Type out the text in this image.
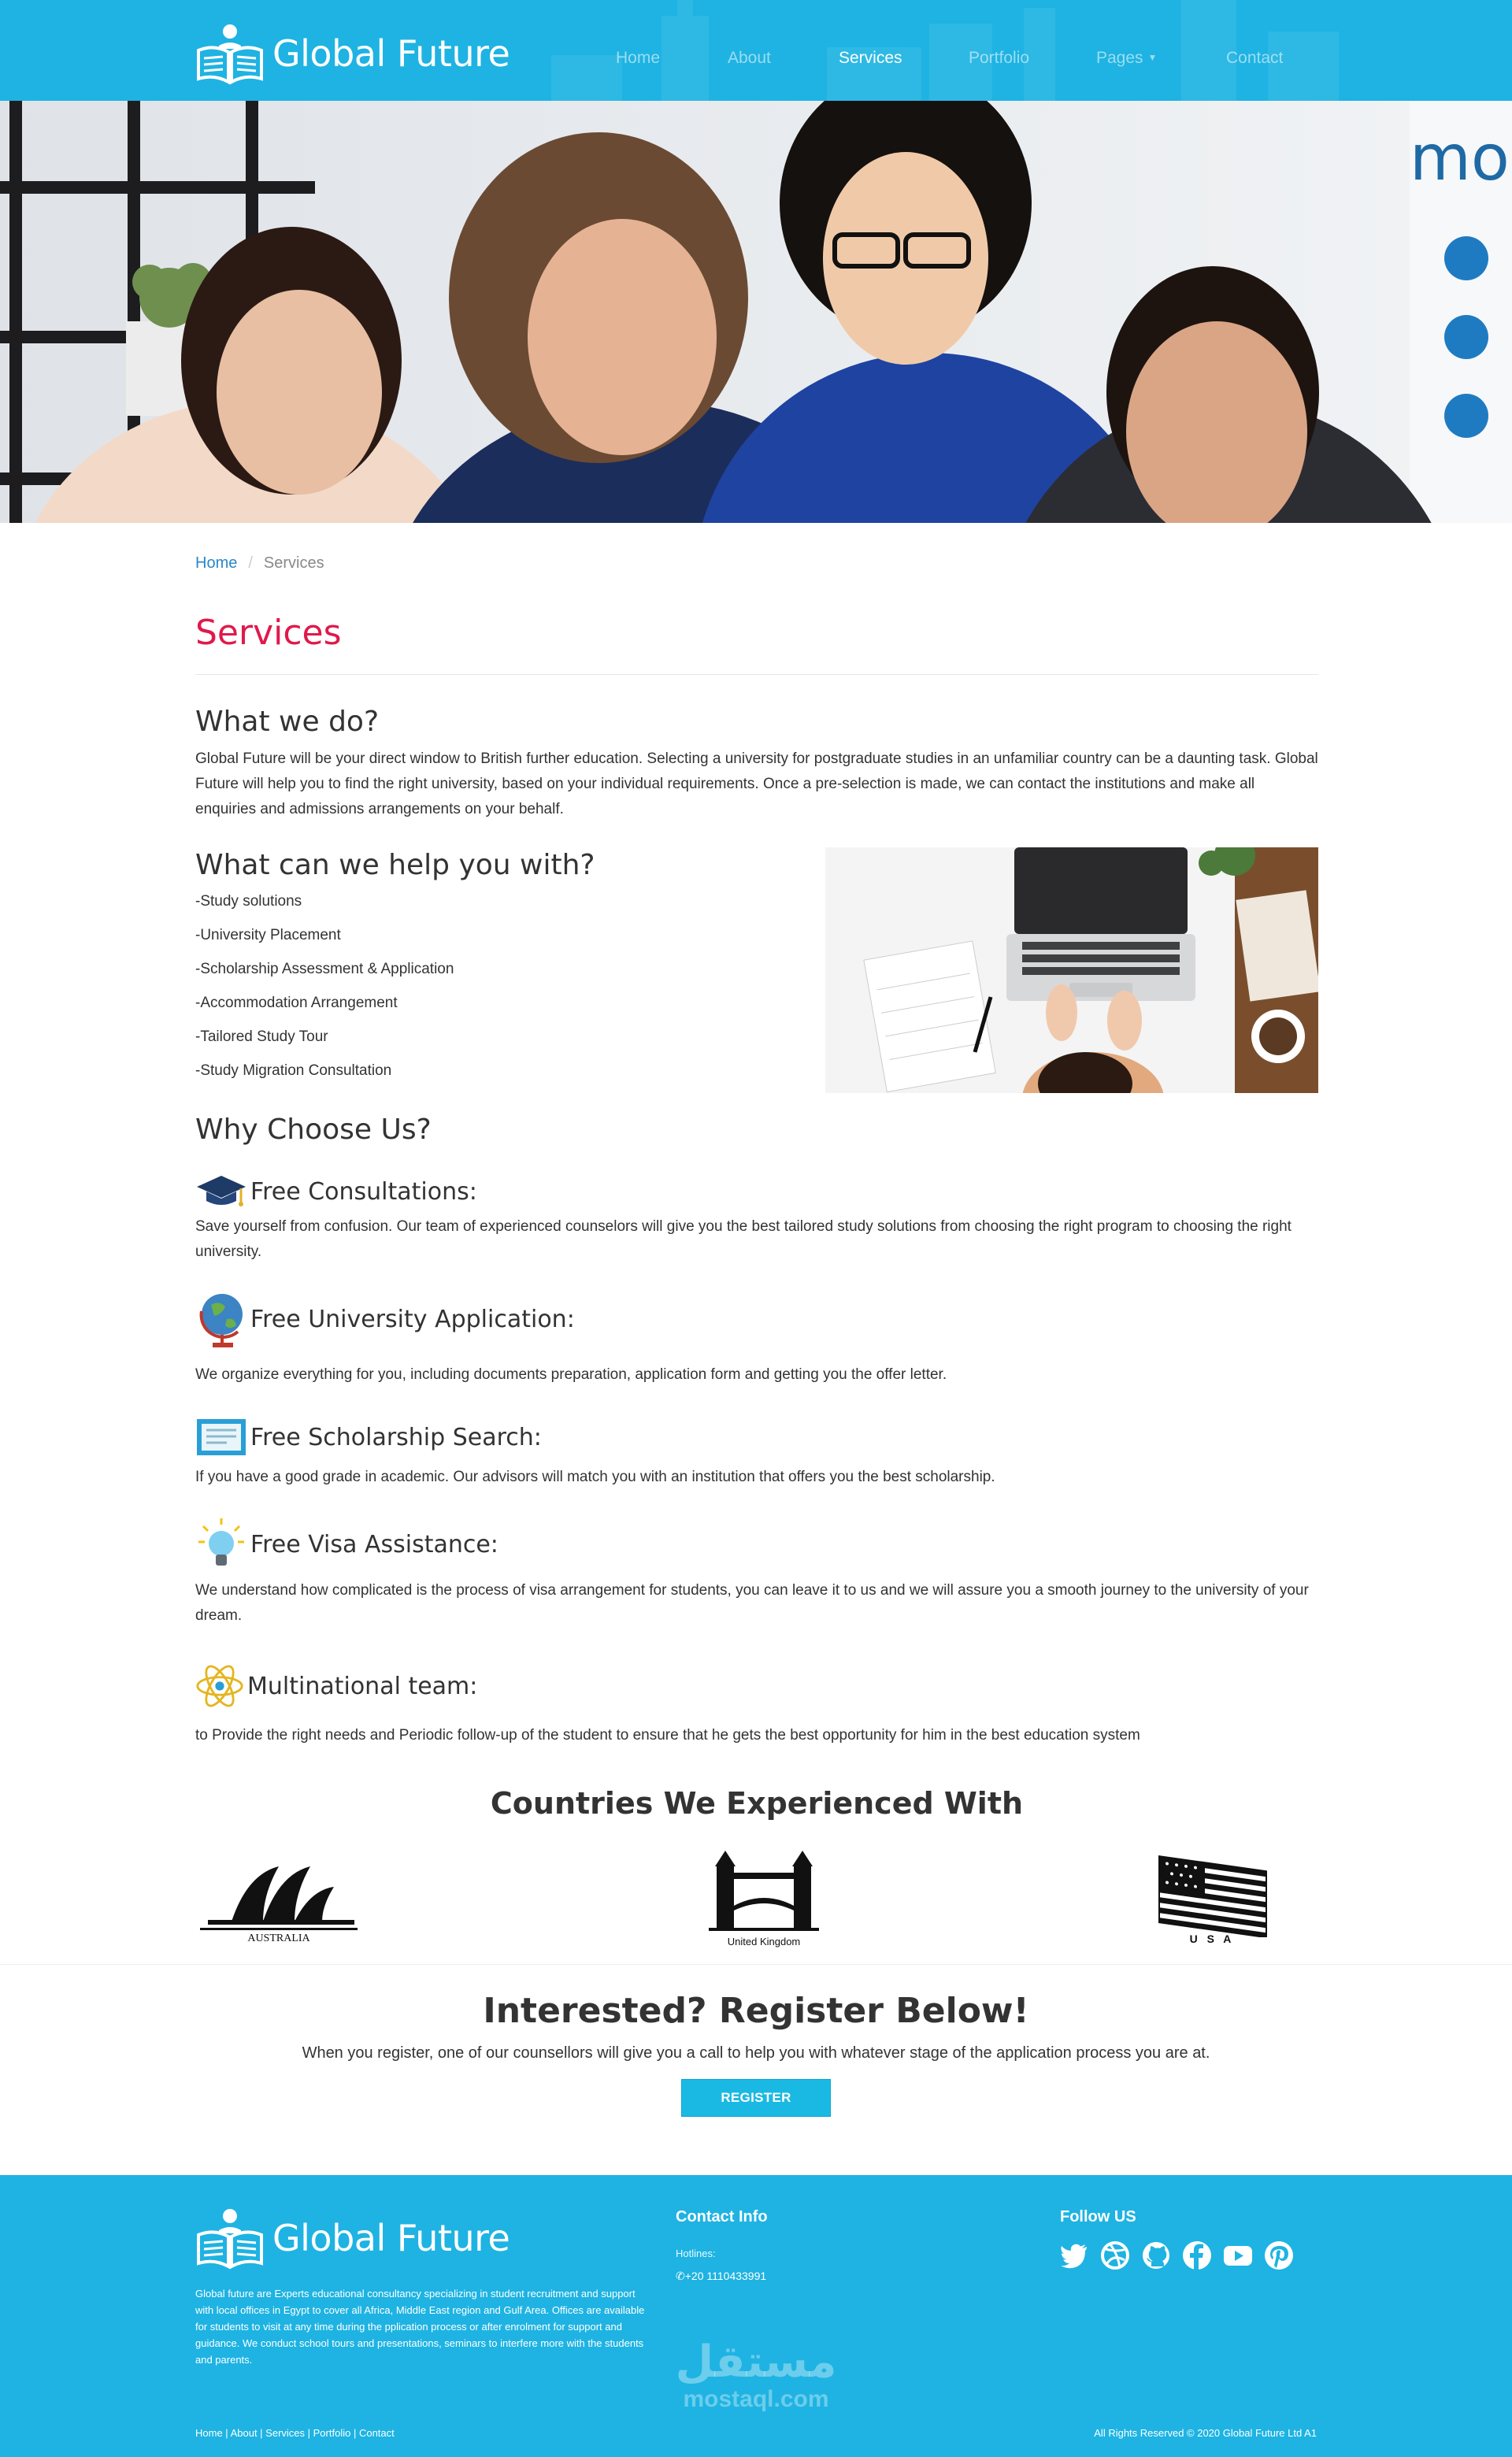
Global Future	Home	About	Services	Portfolio	Pages ▼	Contact
mo
Home / Services
Services
What we do?

Global Future will be your direct window to British further education. Selecting a university for postgraduate studies in an unfamiliar country can be a daunting task. Global Future will help you to find the right university, based on your individual requirements. Once a pre-selection is made, we can contact the institutions and make all enquiries and admissions arrangements on your behalf.

What can we help you with?
-Study solutions
-University Placement
-Scholarship Assessment & Application
-Accommodation Arrangement
-Tailored Study Tour
-Study Migration Consultation
Why Choose Us?
Free Consultations:

Save yourself from confusion. Our team of experienced counselors will give you the best tailored study solutions from choosing the right program to choosing the right university.

Free University Application:

We organize everything for you, including documents preparation, application form and getting you the offer letter.

Free Scholarship Search:

If you have a good grade in academic. Our advisors will match you with an institution that offers you the best scholarship.

Free Visa Assistance:

We understand how complicated is the process of visa arrangement for students, you can leave it to us and we will assure you a smooth journey to the university of your dream.

Multinational team:

to Provide the right needs and Periodic follow-up of the student to ensure that he gets the best opportunity for him in the best education system

Countries We Experienced With
AUSTRALIA	United Kingdom	U S A
Interested? Register Below!

When you register, one of our counsellors will give you a call to help you with whatever stage of the application process you are at.

REGISTER
Global Future

Global future are Experts educational consultancy specializing in student recruitment and support with local offices in Egypt to cover all Africa, Middle East region and Gulf Area. Offices are available for students to visit at any time during the pplication process or after enrolment for support and guidance. We conduct school tours and presentations, seminars to interfere more with the students and parents.

Contact Info
Hotlines:
✆+20 1110433991
Follow US
مستقل
mostaql.com
Home | About | Services | Portfolio | Contact	All Rights Reserved © 2020 Global Future Ltd A1
